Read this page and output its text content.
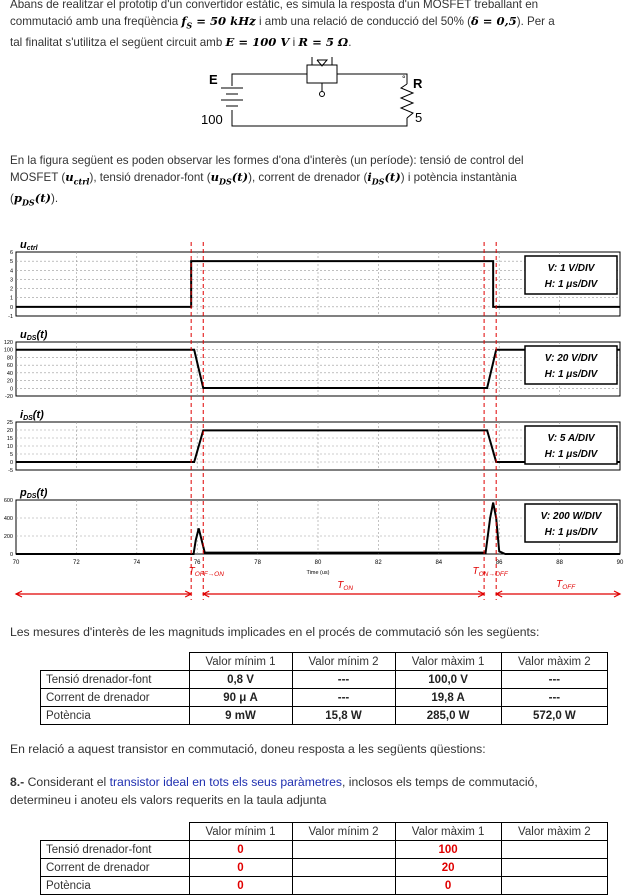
Abans de realitzar el prototip d'un convertidor estàtic, es simula la resposta d'un MOSFET treballant en
commutació amb una freqüència $f_S = 50$ kHz i amb una relació de conducció del 50% (δ = 0,5). Per a
tal finalitat s'utilitza el següent circuit amb E = 100 V i R = 5 Ω.
E
100
R
5
°
En la figura següent es poden observar les formes d'ona d'interès (un període): tensió de control del
MOSFET $(u_{ctrl})$, tensió drenador-font $(u_{DS}(t))$, corrent de drenador $(i_{DS}(t))$ i potència instantània
$(p_{DS}(t))$.
6
5
4
3
2
1
0
-1
uctrl
V: 1 V/DIV
H: 1 μs/DIV
120
100
80
60
40
20
0
-20
uDS(t)
V: 20 V/DIV
H: 1 μs/DIV
25
20
15
10
5
0
-5
iDS(t)
V: 5 A/DIV
H: 1 μs/DIV
600
400
200
0
pDS(t)
V: 200 W/DIV
H: 1 μs/DIV
70	72	74	76	78	80	82	84	86	88	90
Time (us)
$T_{OFF\to ON}$	$T_{ON\to OFF}$
$T_{ON}$	$T_{OFF}$
Les mesures d'interès de les magnituds implicades en el procés de commutació són les següents:
	Valor mínim 1	Valor mínim 2	Valor màxim 1	Valor màxim 2
Tensió drenador-font	0,8 V	---	100,0 V	---
Corrent de drenador	90 μ A	---	19,8 A	---
Potència	9 mW	15,8 W	285,0 W	572,0 W
En relació a aquest transistor en commutació, doneu resposta a les següents qüestions:
8.- Considerant el transistor ideal en tots els seus paràmetres, inclosos els temps de commutació,
determineu i anoteu els valors requerits en la taula adjunta
	Valor mínim 1	Valor mínim 2	Valor màxim 1	Valor màxim 2
Tensió drenador-font	0		100	
Corrent de drenador	0		20	
Potència	0		0	
